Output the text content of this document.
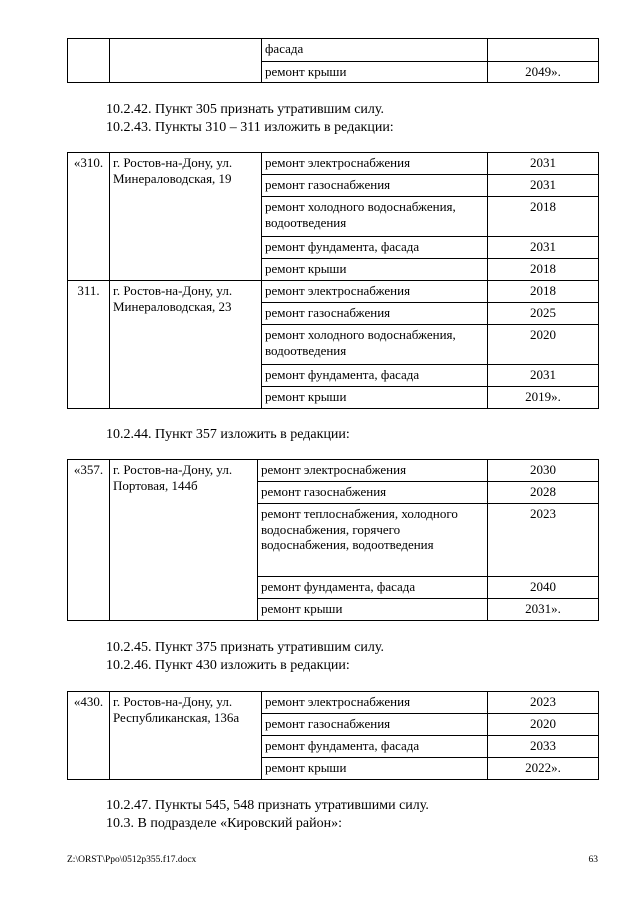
		фасада	
		ремонт крыши	2049».
10.2.42. Пункт 305 признать утратившим силу.
10.2.43. Пункты 310 – 311 изложить в редакции:
«310.	г. Ростов-на-Дону, ул. Минераловодская, 19	ремонт электроснабжения	2031
		ремонт газоснабжения	2031
		ремонт холодного водоснабжения, водоотведения	2018
		ремонт фундамента, фасада	2031
		ремонт крыши	2018
311.	г. Ростов-на-Дону, ул. Минераловодская, 23	ремонт электроснабжения	2018
		ремонт газоснабжения	2025
		ремонт холодного водоснабжения, водоотведения	2020
		ремонт фундамента, фасада	2031
		ремонт крыши	2019».
10.2.44. Пункт 357 изложить в редакции:
«357.	г. Ростов-на-Дону, ул. Портовая, 144б	ремонт электроснабжения	2030
		ремонт газоснабжения	2028
		ремонт теплоснабжения, холодного водоснабжения, горячего водоснабжения, водоотведения	2023
		ремонт фундамента, фасада	2040
		ремонт крыши	2031».
10.2.45. Пункт 375 признать утратившим силу.
10.2.46. Пункт 430 изложить в редакции:
«430.	г. Ростов-на-Дону, ул. Республиканская, 136а	ремонт электроснабжения	2023
		ремонт газоснабжения	2020
		ремонт фундамента, фасада	2033
		ремонт крыши	2022».
10.2.47. Пункты 545, 548 признать утратившими силу.
10.3. В подразделе «Кировский район»:
Z:\ORST\Ppo\0512p355.f17.docx	63
